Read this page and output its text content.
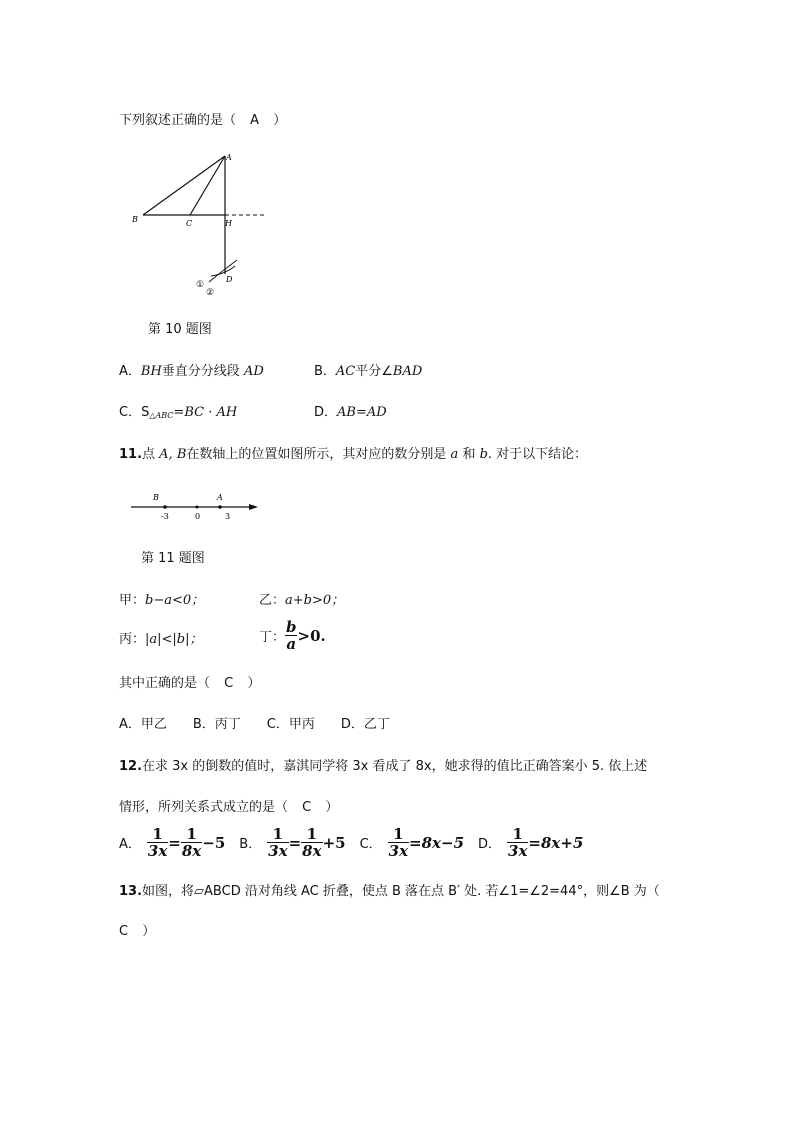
下列叙述正确的是（ A ）
A
B	C	H
D
①
②
第 10 题图
A．BH垂直分分线段 AD	B．AC平分∠BAD
C．$S_{\triangle ABC}=BC$ · AH	D．AB=AD
11.点 A, B在数轴上的位置如图所示，其对应的数分别是 a 和 b. 对于以下结论：
B	A
-3	0	3
第 11 题图
甲：b−a<0；	乙：a+b>0；
丙：|a|<|b|；	丁： $\frac{b}{a} >0$.
其中正确的是（ C ）
A．甲乙　　B．丙丁　　C．甲丙　　D．乙丁
12.在求 3x 的倒数的值时，嘉淇同学将 3x 看成了 8x，她求得的值比正确答案小 5. 依上述
情形，所列关系式成立的是（ C ）
A． $\frac{1}{3x} = \frac{1}{8x} -5$ B． $\frac{1}{3x} = \frac{1}{8x} +5$ C． $\frac{1}{3x} = 8x-5$ D． $\frac{1}{3x} = 8x+5$
13.如图，将▱ABCD 沿对角线 AC 折叠，使点 B 落在点 B′ 处. 若∠1=∠2=44°，则∠B 为（
C ）
